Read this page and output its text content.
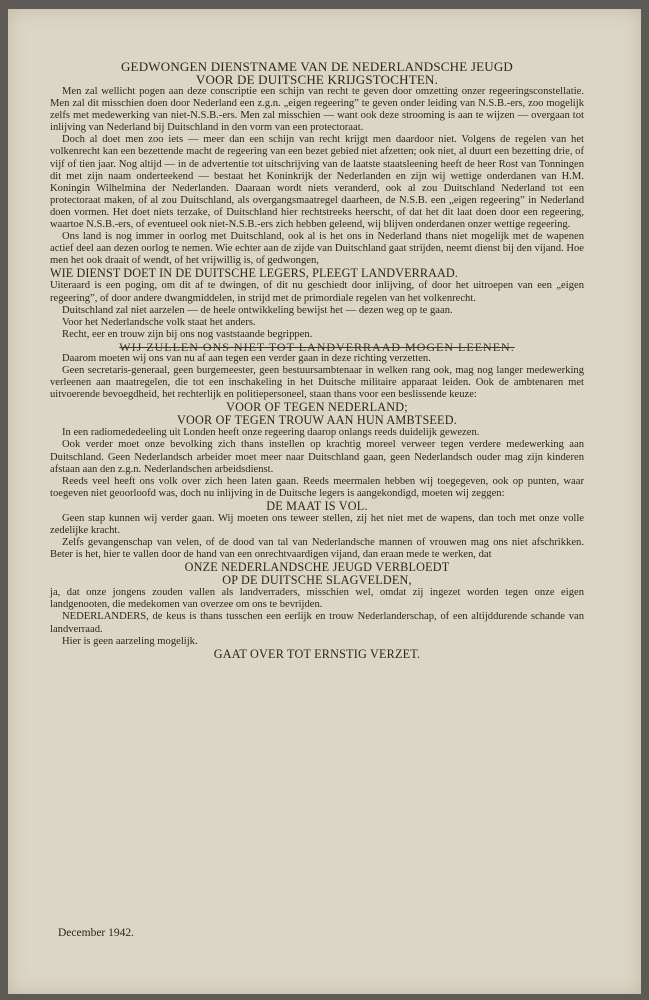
GEDWONGEN DIENSTNAME VAN DE NEDERLANDSCHE JEUGD

VOOR DE DUITSCHE KRIJGSTOCHTEN.

Men zal wellicht pogen aan deze conscriptie een schijn van recht te geven door omzetting onzer regeeringsconstellatie. Men zal dit misschien doen door Nederland een z.g.n. „eigen regeering” te geven onder leiding van N.S.B.-ers, zoo mogelijk zelfs met medewerking van niet-N.S.B.-ers. Men zal misschien — want ook deze strooming is aan te wijzen — overgaan tot inlijving van Nederland bij Duitschland in den vorm van een protectoraat.

Doch al doet men zoo iets — meer dan een schijn van recht krijgt men daardoor niet. Volgens de regelen van het volkenrecht kan een bezettende macht de regeering van een bezet gebied niet afzetten; ook niet, al duurt een bezetting drie, of vijf of tien jaar. Nog altijd — in de advertentie tot uitschrijving van de laatste staatsleening heeft de heer Rost van Tonningen dit met zijn naam onderteekend — bestaat het Koninkrijk der Nederlanden en zijn wij wettige onderdanen van H.M. Koningin Wilhelmina der Nederlanden. Daaraan wordt niets veranderd, ook al zou Duitschland Nederland tot een protectoraat maken, of al zou Duitschland, als overgangsmaatregel daarheen, de N.S.B. een „eigen regeering” in Nederland doen vormen. Het doet niets terzake, of Duitschland hier rechtstreeks heerscht, of dat het dit laat doen door een regeering, waartoe N.S.B.-ers, of eventueel ook niet-N.S.B.-ers zich hebben geleend, wij blijven onderdanen onzer wettige regeering.

Ons land is nog immer in oorlog met Duitschland, ook al is het ons in Nederland thans niet mogelijk met de wapenen actief deel aan dezen oorlog te nemen. Wie echter aan de zijde van Duitschland gaat strijden, neemt dienst bij den vijand. Hoe men het ook draait of wendt, of het vrijwillig is, of gedwongen,

WIE DIENST DOET IN DE DUITSCHE LEGERS, PLEEGT LANDVERRAAD.

Uiteraard is een poging, om dit af te dwingen, of dit nu geschiedt door inlijving, of door het uitroepen van een „eigen regeering”, of door andere dwangmiddelen, in strijd met de primordiale regelen van het volkenrecht.

Duitschland zal niet aarzelen — de heele ontwikkeling bewijst het — dezen weg op te gaan.

Voor het Nederlandsche volk staat het anders.

Recht, eer en trouw zijn bij ons nog vaststaande begrippen.

WIJ ZULLEN ONS NIET TOT LANDVERRAAD MOGEN LEENEN.

Daarom moeten wij ons van nu af aan tegen een verder gaan in deze richting verzetten.

Geen secretaris-generaal, geen burgemeester, geen bestuursambtenaar in welken rang ook, mag nog langer medewerking verleenen aan maatregelen, die tot een inschakeling in het Duitsche militaire apparaat leiden. Ook de ambtenaren met uitvoerende bevoegdheid, het rechterlijk en politiepersoneel, staan thans voor een beslissende keuze:

VOOR OF TEGEN NEDERLAND;

VOOR OF TEGEN TROUW AAN HUN AMBTSEED.

In een radiomededeeling uit Londen heeft onze regeering daarop onlangs reeds duidelijk gewezen.

Ook verder moet onze bevolking zich thans instellen op krachtig moreel verweer tegen verdere medewerking aan Duitschland. Geen Nederlandsch arbeider moet meer naar Duitschland gaan, geen Nederlandsch ouder mag zijn kinderen afstaan aan den z.g.n. Nederlandschen arbeidsdienst.

Reeds veel heeft ons volk over zich heen laten gaan. Reeds meermalen hebben wij toegegeven, ook op punten, waar toegeven niet geoorloofd was, doch nu inlijving in de Duitsche legers is aangekondigd, moeten wij zeggen:

DE MAAT IS VOL.

Geen stap kunnen wij verder gaan. Wij moeten ons teweer stellen, zij het niet met de wapens, dan toch met onze volle zedelijke kracht.

Zelfs gevangenschap van velen, of de dood van tal van Nederlandsche mannen of vrouwen mag ons niet afschrikken. Beter is het, hier te vallen door de hand van een onrechtvaardigen vijand, dan eraan mede te werken, dat

ONZE NEDERLANDSCHE JEUGD VERBLOEDT

OP DE DUITSCHE SLAGVELDEN,

ja, dat onze jongens zouden vallen als landverraders, misschien wel, omdat zij ingezet worden tegen onze eigen landgenooten, die medekomen van overzee om ons te bevrijden.

NEDERLANDERS, de keus is thans tusschen een eerlijk en trouw Nederlanderschap, of een altijddurende schande van landverraad.

Hier is geen aarzeling mogelijk.

GAAT OVER TOT ERNSTIG VERZET.

December 1942.
